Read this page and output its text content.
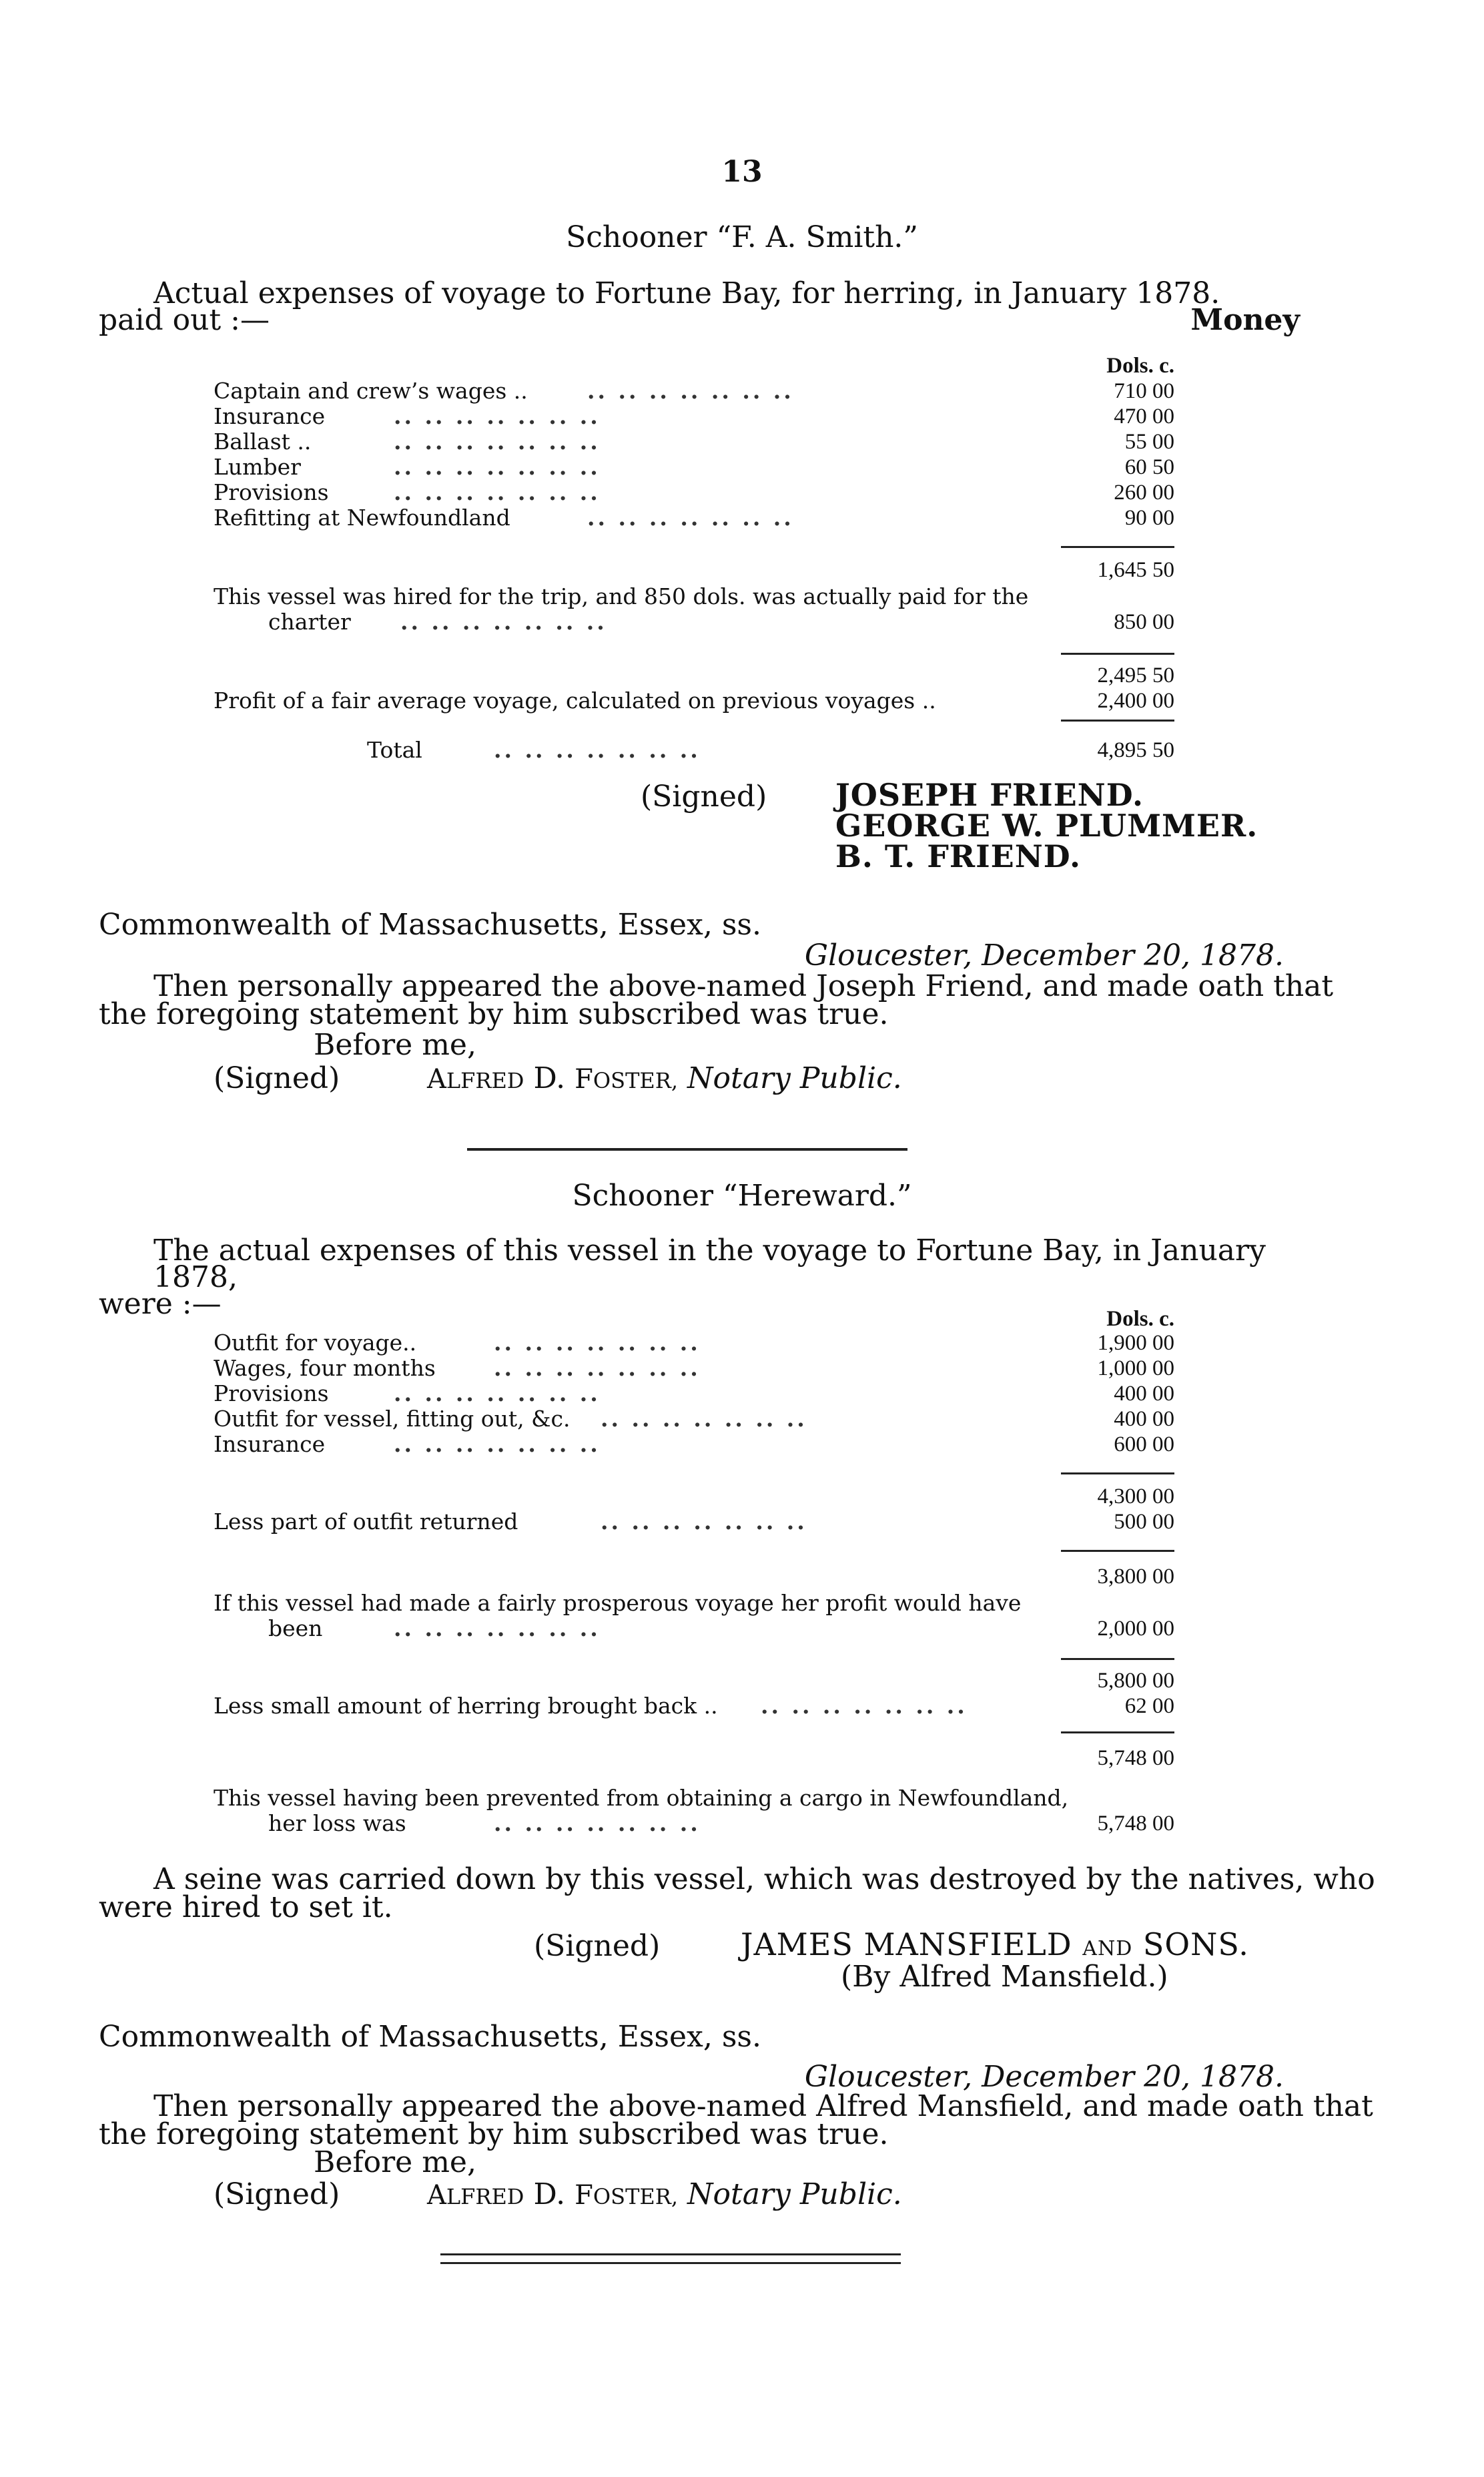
13
Schooner “F. A. Smith.”
Actual expenses of voyage to Fortune Bay, for herring, in January 1878.
Money
paid out :—
Dols. c.
Captain and crew’s wages ..	.. .. .. .. .. .. ..	710 00
Insurance	.. .. .. .. .. .. ..	470 00
Ballast ..	.. .. .. .. .. .. ..	55 00
Lumber	.. .. .. .. .. .. ..	60 50
Provisions	.. .. .. .. .. .. ..	260 00
Refitting at Newfoundland	.. .. .. .. .. .. ..	90 00
1,645 50
This vessel was hired for the trip, and 850 dols. was actually paid for the
charter .. .. .. .. .. .. ..	850 00
2,495 50
Profit of a fair average voyage, calculated on previous voyages ..	2,400 00
Total	.. .. .. .. .. .. ..	4,895 50
(Signed) JOSEPH FRIEND.
GEORGE W. PLUMMER.
B. T. FRIEND.
Commonwealth of Massachusetts, Essex, ss.
Gloucester, December 20, 1878.
Then personally appeared the above-named Joseph Friend, and made oath that
the foregoing statement by him subscribed was true.
Before me,
(Signed)	ALFRED D. FOSTER, Notary Public.
Schooner “Hereward.”
The actual expenses of this vessel in the voyage to Fortune Bay, in January 1878,
were :—	Dols. c.
Outfit for voyage..	.. .. .. .. .. .. ..	1,900 00
Wages, four months	.. .. .. .. .. .. ..	1,000 00
Provisions	.. .. .. .. .. .. ..	400 00
Outfit for vessel, fitting out, &c. .. .. .. .. .. .. ..	400 00
Insurance	.. .. .. .. .. .. ..	600 00
4,300 00
Less part of outfit returned	.. .. .. .. .. .. ..	500 00
3,800 00
If this vessel had made a fairly prosperous voyage her profit would have
been	.. .. .. .. .. .. ..	2,000 00
5,800 00
Less small amount of herring brought back .. .. .. .. .. .. .. ..	62 00
5,748 00
This vessel having been prevented from obtaining a cargo in Newfoundland,
her loss was	.. .. .. .. .. .. ..	5,748 00
A seine was carried down by this vessel, which was destroyed by the natives, who
were hired to set it.
(Signed)	JAMES MANSFIELD AND SONS.
(By Alfred Mansfield.)
Commonwealth of Massachusetts, Essex, ss.
Gloucester, December 20, 1878.
Then personally appeared the above-named Alfred Mansfield, and made oath that
the foregoing statement by him subscribed was true.
Before me,
(Signed)	ALFRED D. FOSTER, Notary Public.
